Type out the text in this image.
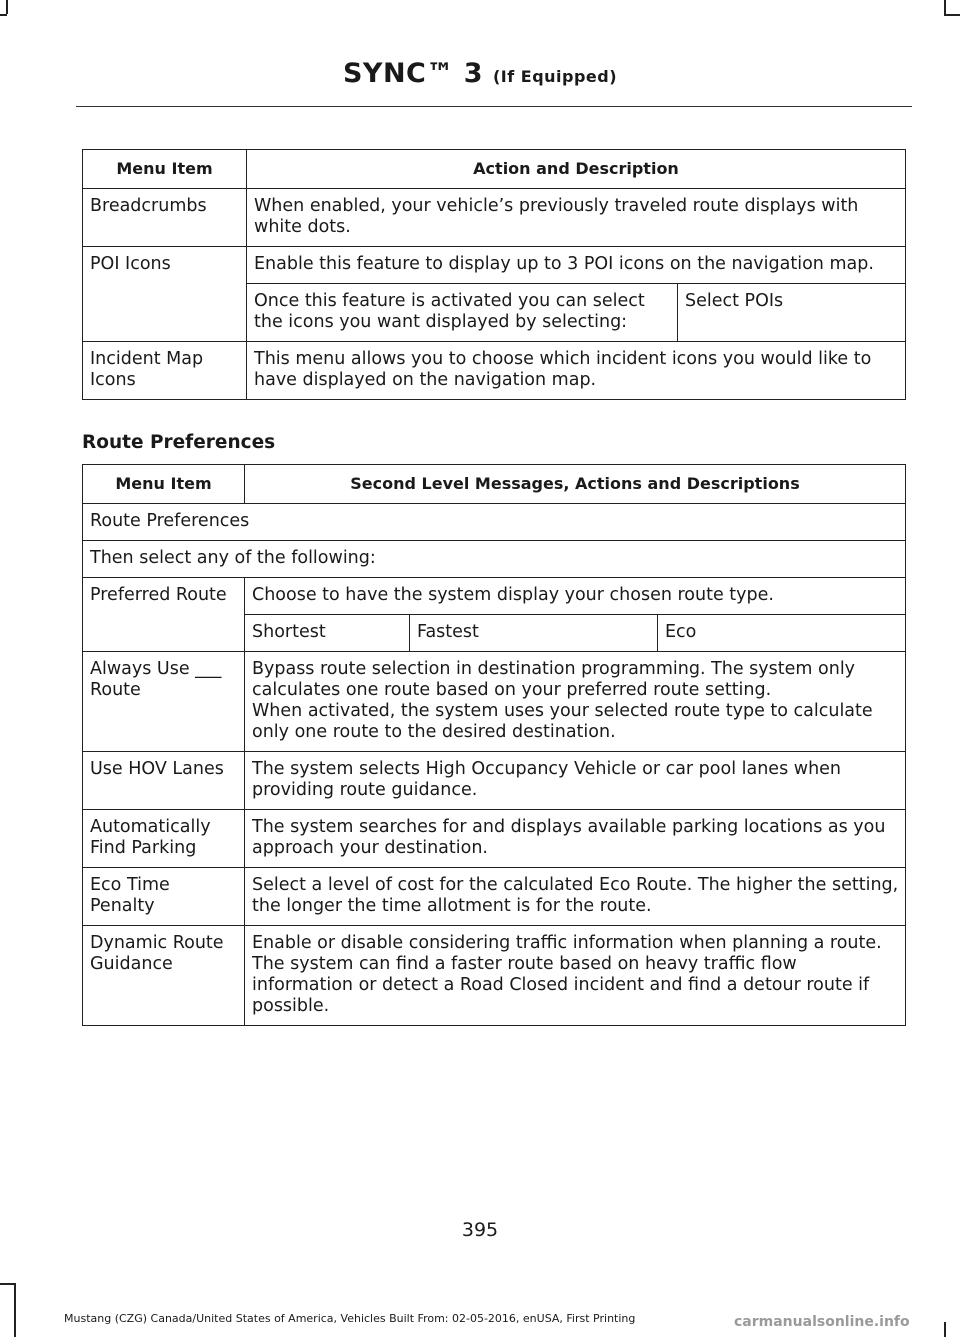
SYNC™ 3 (If Equipped)
Menu Item	Action and Description	
Breadcrumbs	When enabled, your vehicle’s previously traveled route displays with white dots.	
POI Icons	Enable this feature to display up to 3 POI icons on the navigation map.	
	Once this feature is activated you can select the icons you want displayed by selecting:	Select POIs
Incident Map Icons	This menu allows you to choose which incident icons you would like to have displayed on the navigation map.	
Route Preferences
Menu Item	Second Level Messages, Actions and Descriptions		
Route Preferences			
Then select any of the following:			
Preferred Route	Choose to have the system display your chosen route type.		
	Shortest	Fastest	Eco
Always Use ___ Route	Bypass route selection in destination programming. The system only calculates one route based on your preferred route setting.
When activated, the system uses your selected route type to calculate only one route to the desired destination.		

Use HOV Lanes	The system selects High Occupancy Vehicle or car pool lanes when providing route guidance.		
Automatically Find Parking	The system searches for and displays available parking locations as you approach your destination.		
Eco Time Penalty	Select a level of cost for the calculated Eco Route. The higher the setting, the longer the time allotment is for the route.		
Dynamic Route Guidance	Enable or disable considering traffic information when planning a route. The system can find a faster route based on heavy traffic flow information or detect a Road Closed incident and find a detour route if possible.		
395
Mustang (CZG) Canada/United States of America, Vehicles Built From: 02-05-2016, enUSA, First Printing	carmanualsonline.info
